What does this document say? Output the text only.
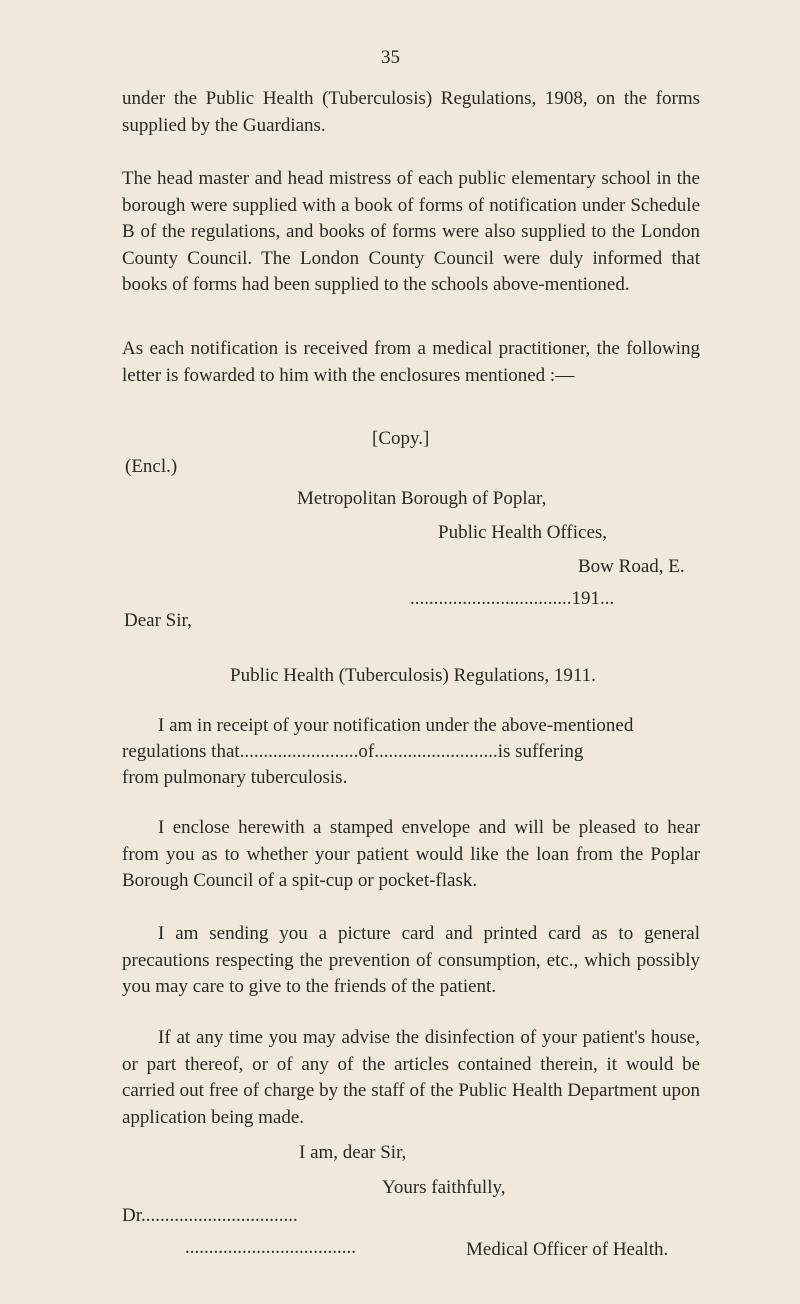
35

under the Public Health (Tuberculosis) Regulations, 1908, on the forms supplied by the Guardians.

The head master and head mistress of each public elementary school in the borough were supplied with a book of forms of notification under Schedule B of the regulations, and books of forms were also supplied to the London County Council. The London County Council were duly informed that books of forms had been supplied to the schools above-mentioned.

As each notification is received from a medical practitioner, the following letter is fowarded to him with the enclosures mentioned :—

[Copy.]
(Encl.)
Metropolitan Borough of Poplar,
Public Health Offices,
Bow Road, E.
..................................191...
Dear Sir,
Public Health (Tuberculosis) Regulations, 1911.
I am in receipt of your notification under the above-mentioned
regulations that.........................of..........................is suffering
from pulmonary tuberculosis.

I enclose herewith a stamped envelope and will be pleased to hear from you as to whether your patient would like the loan from the Poplar Borough Council of a spit-cup or pocket-flask.

I am sending you a picture card and printed card as to general precautions respecting the prevention of consumption, etc., which possibly you may care to give to the friends of the patient.

If at any time you may advise the disinfection of your patient's house, or part thereof, or of any of the articles contained therein, it would be carried out free of charge by the staff of the Public Health Department upon application being made.

I am, dear Sir,
Yours faithfully,
Dr.................................
....................................	Medical Officer of Health.
